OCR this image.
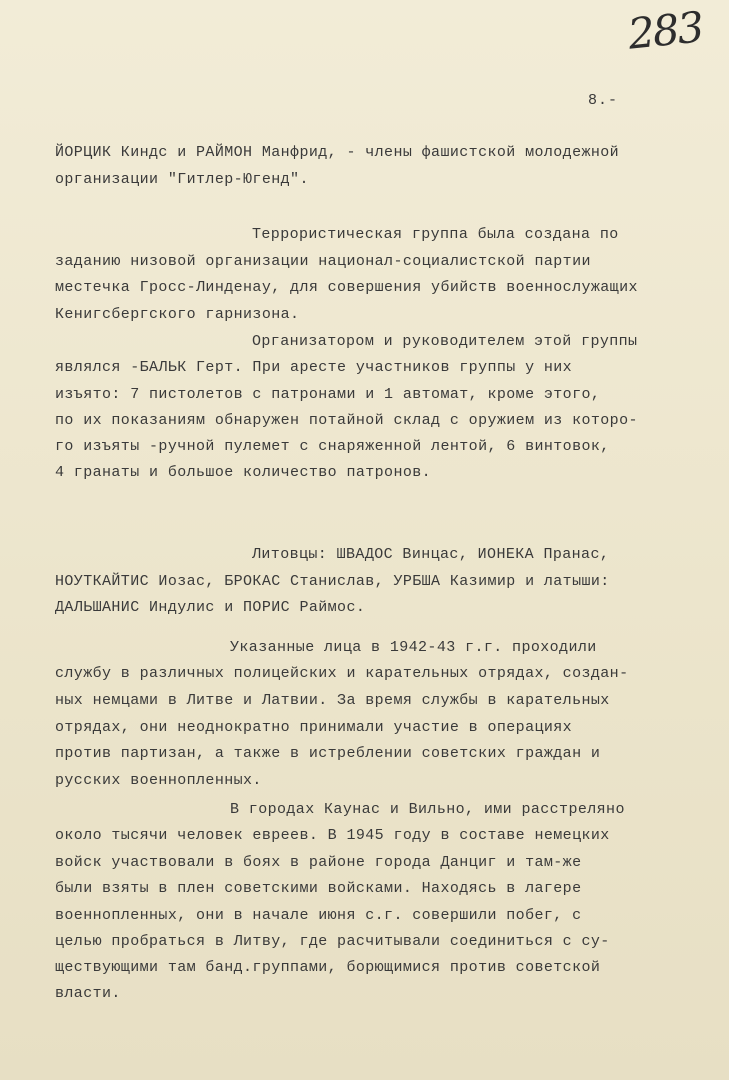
283
8.-
ЙОРЦИК Киндс и РАЙМОН Манфрид, - члены фашистской молодежной
организации "Гитлер-Югенд".
Террористическая группа была создана по
заданию низовой организации национал-социалистской партии
местечка Гросс-Линденау, для совершения убийств военнослужащих
Кенигсбергского гарнизона.
Организатором и руководителем этой группы
являлся -БАЛЬК Герт. При аресте участников группы у них
изъято: 7 пистолетов с патронами и 1 автомат, кроме этого,
по их показаниям обнаружен потайной склад с оружием из которо-
го изъяты -ручной пулемет с снаряженной лентой, 6 винтовок,
4 гранаты и большое количество патронов.
Литовцы: ШВАДОС Винцас, ИОНЕКА Пранас,
НОУТКАЙТИС Иозас, БРОКАС Станислав, УРБША Казимир и латыши:
ДАЛЬШАНИС Индулис и ПОРИС Раймос.
Указанные лица в 1942-43 г.г. проходили
службу в различных полицейских и карательных отрядах, создан-
ных немцами в Литве и Латвии. За время службы в карательных
отрядах, они неоднократно принимали участие в операциях
против партизан, а также в истреблении советских граждан и
русских военнопленных.
В городах Каунас и Вильно, ими расстреляно
около тысячи человек евреев. В 1945 году в составе немецких
войск участвовали в боях в районе города Данциг и там-же
были взяты в плен советскими войсками. Находясь в лагере
военнопленных, они в начале июня с.г. совершили побег, с
целью пробраться в Литву, где расчитывали соединиться с су-
ществующими там банд.группами, борющимися против советской
власти.
